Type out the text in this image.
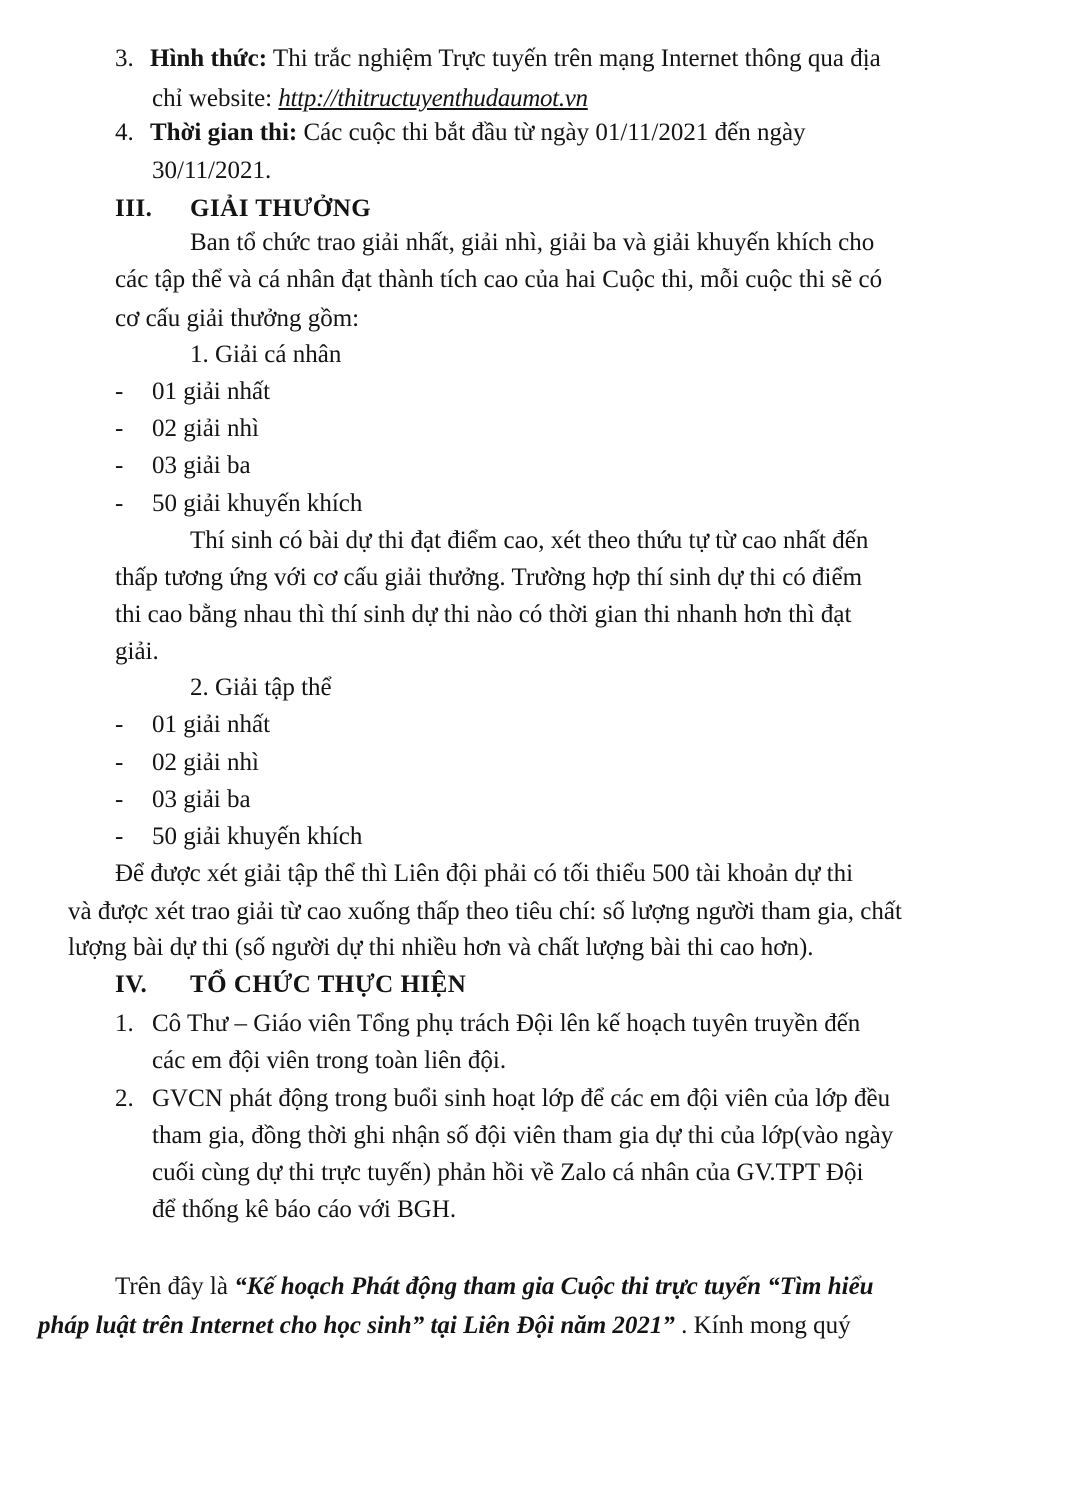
3. Hình thức: Thi trắc nghiệm Trực tuyến trên mạng Internet thông qua địa
chỉ website: http://thitructuyenthudaumot.vn
4. Thời gian thi: Các cuộc thi bắt đầu từ ngày 01/11/2021 đến ngày
30/11/2021.
III. GIẢI THƯỞNG
Ban tổ chức trao giải nhất, giải nhì, giải ba và giải khuyến khích cho
các tập thể và cá nhân đạt thành tích cao của hai Cuộc thi, mỗi cuộc thi sẽ có
cơ cấu giải thưởng gồm:
1. Giải cá nhân
- 01 giải nhất
- 02 giải nhì
- 03 giải ba
- 50 giải khuyến khích
Thí sinh có bài dự thi đạt điểm cao, xét theo thứu tự từ cao nhất đến
thấp tương ứng với cơ cấu giải thưởng. Trường hợp thí sinh dự thi có điểm
thi cao bằng nhau thì thí sinh dự thi nào có thời gian thi nhanh hơn thì đạt
giải.
2. Giải tập thể
- 01 giải nhất
- 02 giải nhì
- 03 giải ba
- 50 giải khuyến khích
Để được xét giải tập thể thì Liên đội phải có tối thiểu 500 tài khoản dự thi
và được xét trao giải từ cao xuống thấp theo tiêu chí: số lượng người tham gia, chất
lượng bài dự thi (số người dự thi nhiều hơn và chất lượng bài thi cao hơn).
IV. TỔ CHỨC THỰC HIỆN
1. Cô Thư – Giáo viên Tổng phụ trách Đội lên kế hoạch tuyên truyền đến
các em đội viên trong toàn liên đội.
2. GVCN phát động trong buổi sinh hoạt lớp để các em đội viên của lớp đều
tham gia, đồng thời ghi nhận số đội viên tham gia dự thi của lớp(vào ngày
cuối cùng dự thi trực tuyến) phản hồi về Zalo cá nhân của GV.TPT Đội
để thống kê báo cáo với BGH.
Trên đây là “Kế hoạch Phát động tham gia Cuộc thi trực tuyến “Tìm hiểu
pháp luật trên Internet cho học sinh” tại Liên Đội năm 2021” . Kính mong quý
